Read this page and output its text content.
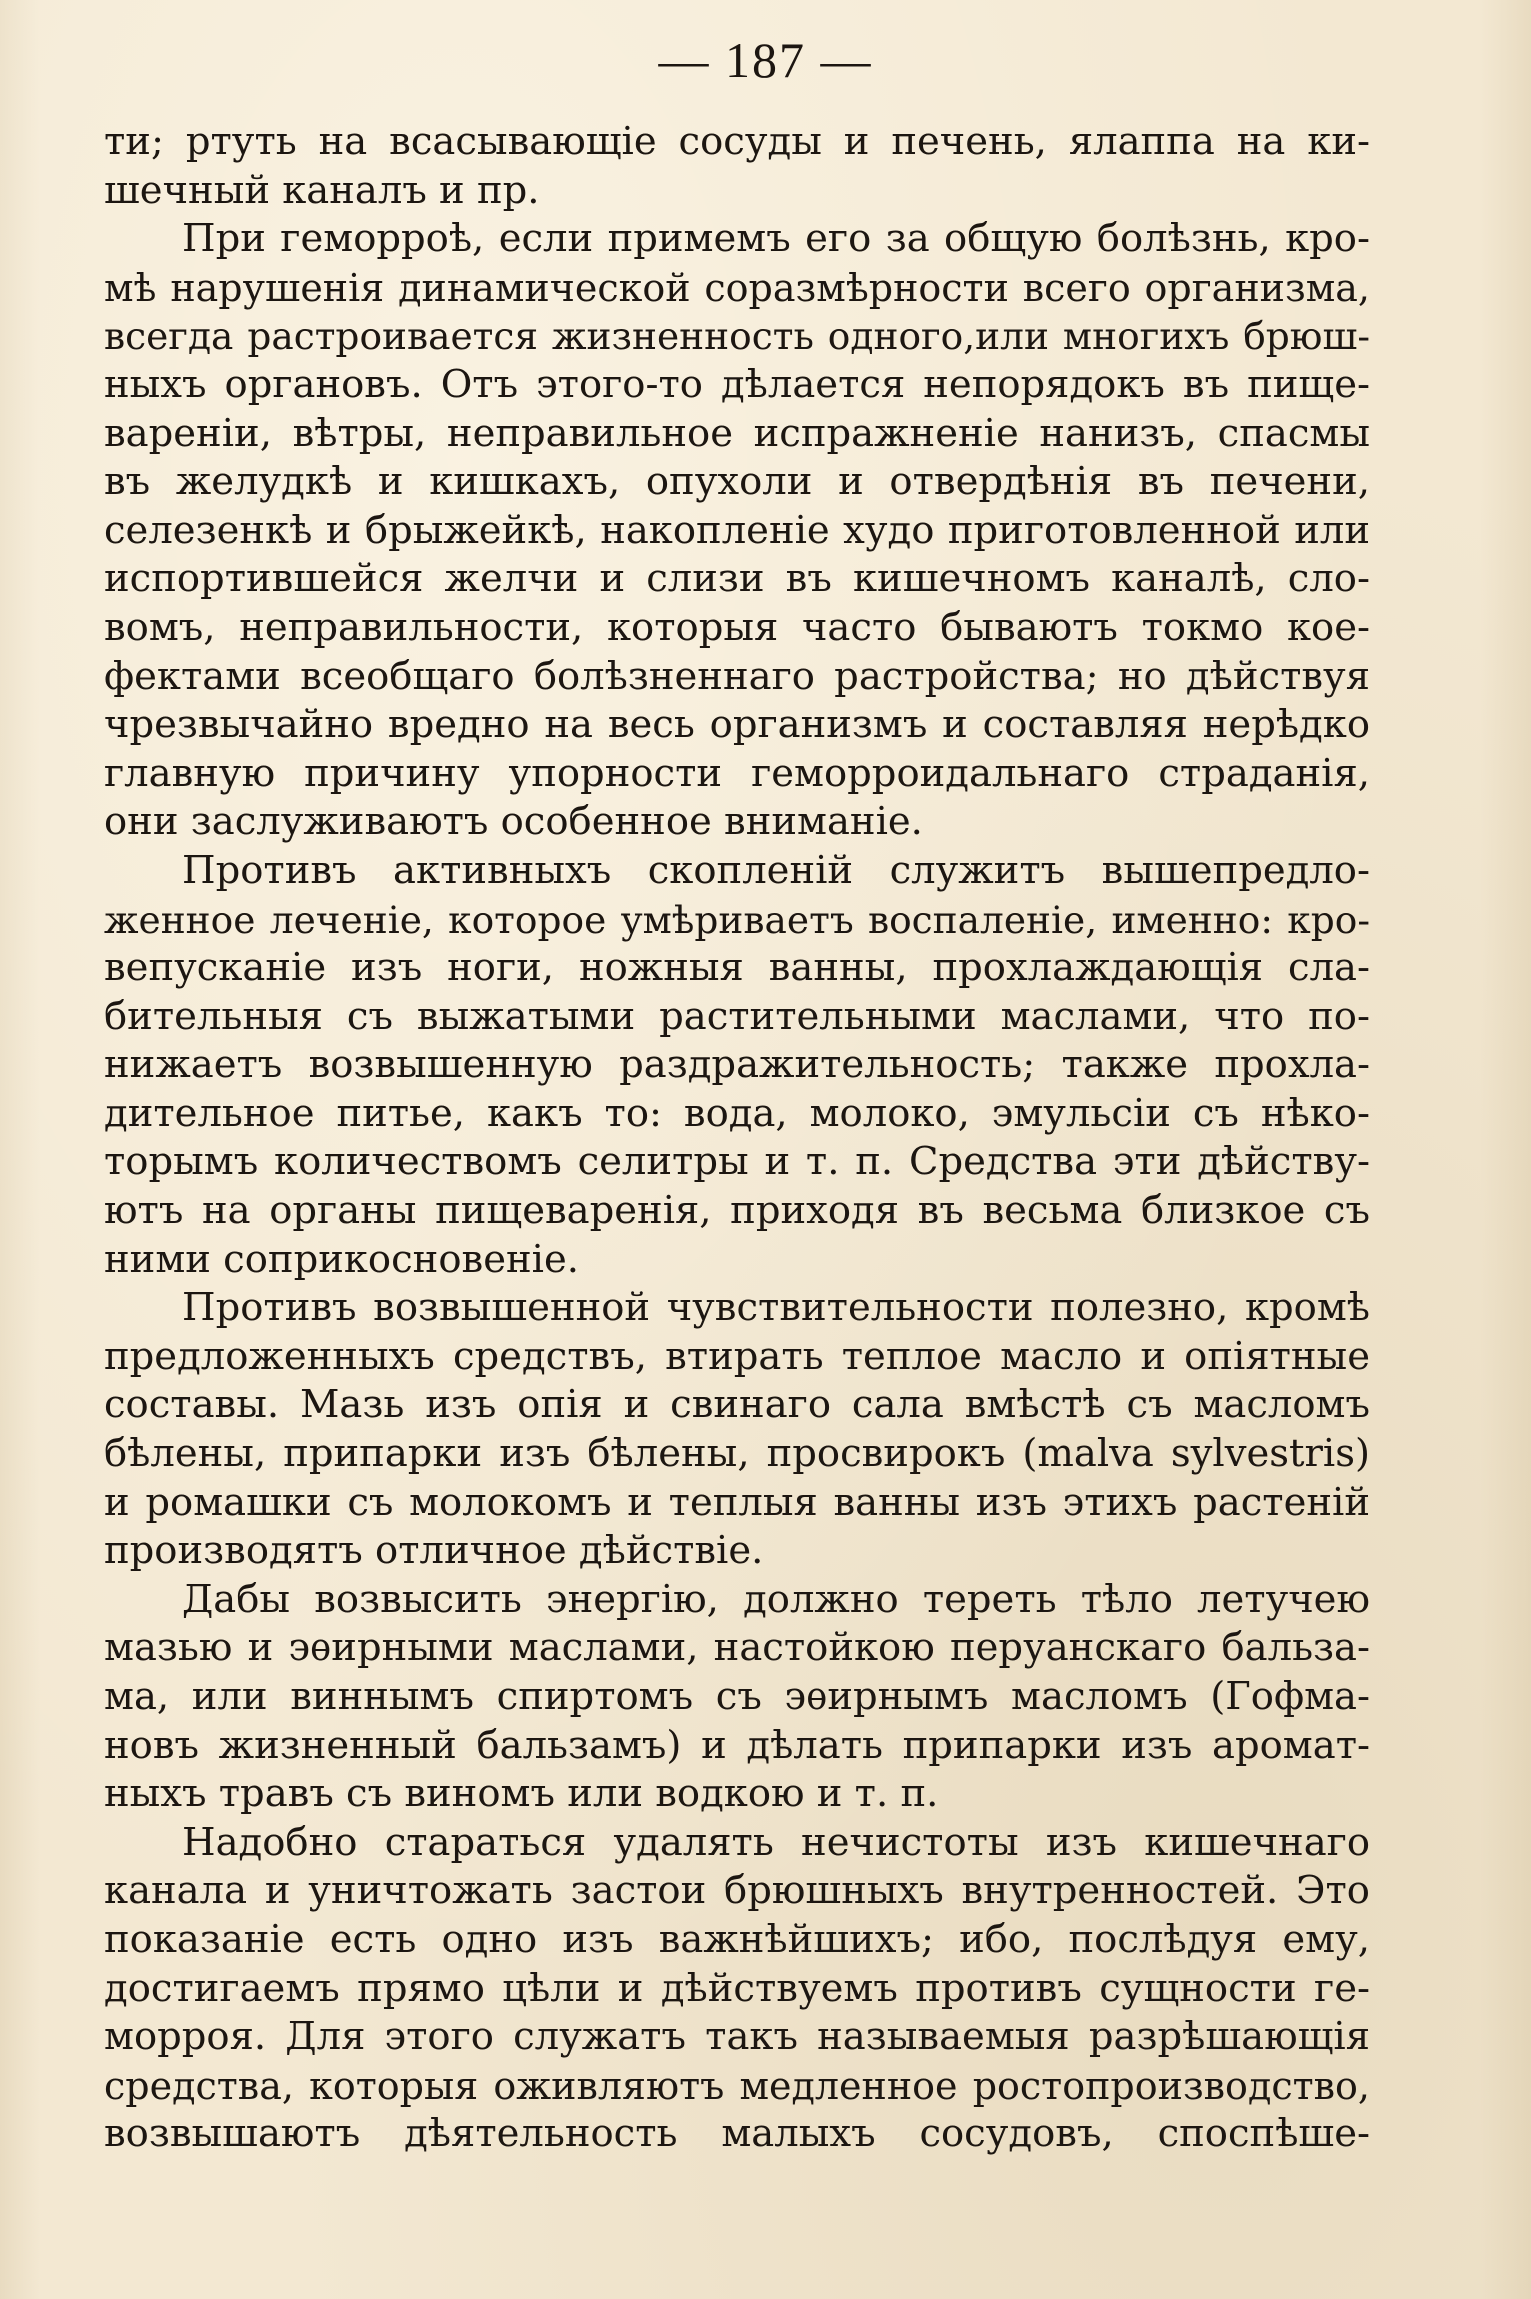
— 187 —
ти; ртуть на всасывающіе сосуды и печень, ялаппа на ки-
шечный каналъ и пр.
При геморроѣ, если примемъ его за общую болѣзнь, кро-
мѣ нарушенія динамической соразмѣрности всего организма,
всегда растроивается жизненность одного,или многихъ брюш-
ныхъ органовъ. Отъ этого-то дѣлается непорядокъ въ пище-
вареніи, вѣтры, неправильное испражненіе нанизъ, спасмы
въ желудкѣ и кишкахъ, опухоли и отвердѣнія въ печени,
селезенкѣ и брыжейкѣ, накопленіе худо приготовленной или
испортившейся желчи и слизи въ кишечномъ каналѣ, сло-
вомъ, неправильности, которыя часто бываютъ токмо кое-
фектами всеобщаго болѣзненнаго растройства; но дѣйствуя
чрезвычайно вредно на весь организмъ и составляя нерѣдко
главную причину упорности геморроидальнаго страданія,
они заслуживаютъ особенное вниманіе.
Противъ активныхъ скопленій служитъ вышепредло-
женное леченіе, которое умѣриваетъ воспаленіе, именно: кро-
вепусканіе изъ ноги, ножныя ванны, прохлаждающія сла-
бительныя съ выжатыми растительными маслами, что по-
нижаетъ возвышенную раздражительность; также прохла-
дительное питье, какъ то: вода, молоко, эмульсіи съ нѣко-
торымъ количествомъ селитры и т. п. Средства эти дѣйству-
ютъ на органы пищеваренія, приходя въ весьма близкое съ
ними соприкосновеніе.
Противъ возвышенной чувствительности полезно, кромѣ
предложенныхъ средствъ, втирать теплое масло и опіятные
составы. Мазь изъ опія и свинаго сала вмѣстѣ съ масломъ
бѣлены, припарки изъ бѣлены, просвирокъ (malva sylvestris)
и ромашки съ молокомъ и теплыя ванны изъ этихъ растеній
производятъ отличное дѣйствіе.
Дабы возвысить энергію, должно тереть тѣло летучею
мазью и эѳирными маслами, настойкою перуанскаго бальза-
ма, или виннымъ спиртомъ съ эѳирнымъ масломъ (Гофма-
новъ жизненный бальзамъ) и дѣлать припарки изъ аромат-
ныхъ травъ съ виномъ или водкою и т. п.
Надобно стараться удалять нечистоты изъ кишечнаго
канала и уничтожать застои брюшныхъ внутренностей. Это
показаніе есть одно изъ важнѣйшихъ; ибо, послѣдуя ему,
достигаемъ прямо цѣли и дѣйствуемъ противъ сущности ге-
морроя. Для этого служатъ такъ называемыя разрѣшающія
средства, которыя оживляютъ медленное ростопроизводство,
возвышаютъ дѣятельность малыхъ сосудовъ, споспѣше-
